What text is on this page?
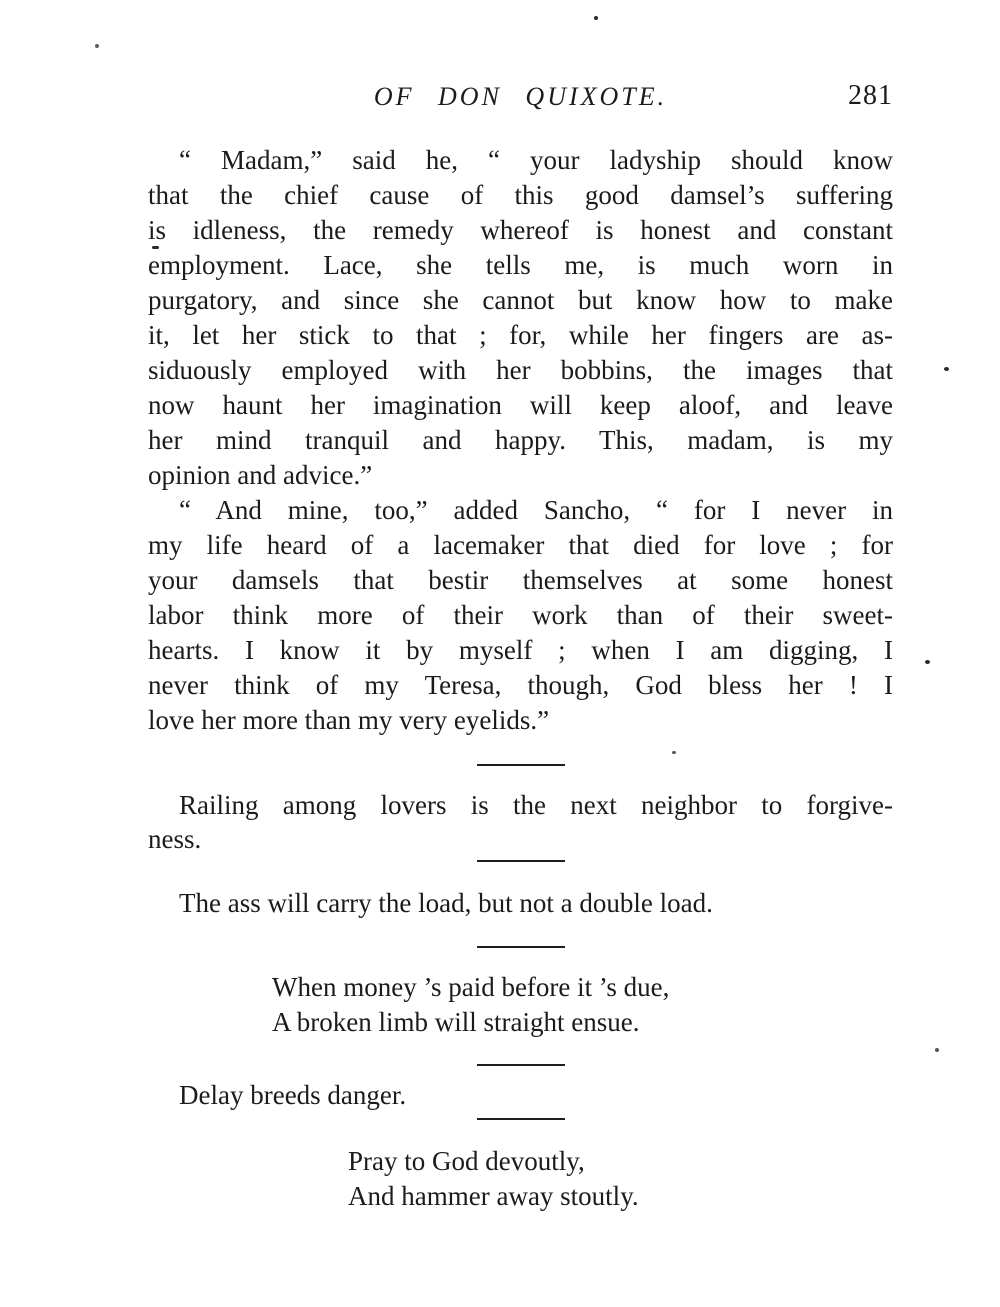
OF DON QUIXOTE.	281
“ Madam,” said he, “ your ladyship should know
that the chief cause of this good damsel’s suffering
is idleness, the remedy whereof is honest and constant
employment. Lace, she tells me, is much worn in
purgatory, and since she cannot but know how to make
it, let her stick to that ; for, while her fingers are as-
siduously employed with her bobbins, the images that
now haunt her imagination will keep aloof, and leave
her mind tranquil and happy. This, madam, is my
opinion and advice.”
“ And mine, too,” added Sancho, “ for I never in
my life heard of a lacemaker that died for love ; for
your damsels that bestir themselves at some honest
labor think more of their work than of their sweet-
hearts. I know it by myself ; when I am digging, I
never think of my Teresa, though, God bless her ! I
love her more than my very eyelids.”
Railing among lovers is the next neighbor to forgive-
ness.
The ass will carry the load, but not a double load.
When money ’s paid before it ’s due,
A broken limb will straight ensue.
Delay breeds danger.
Pray to God devoutly,
And hammer away stoutly.
